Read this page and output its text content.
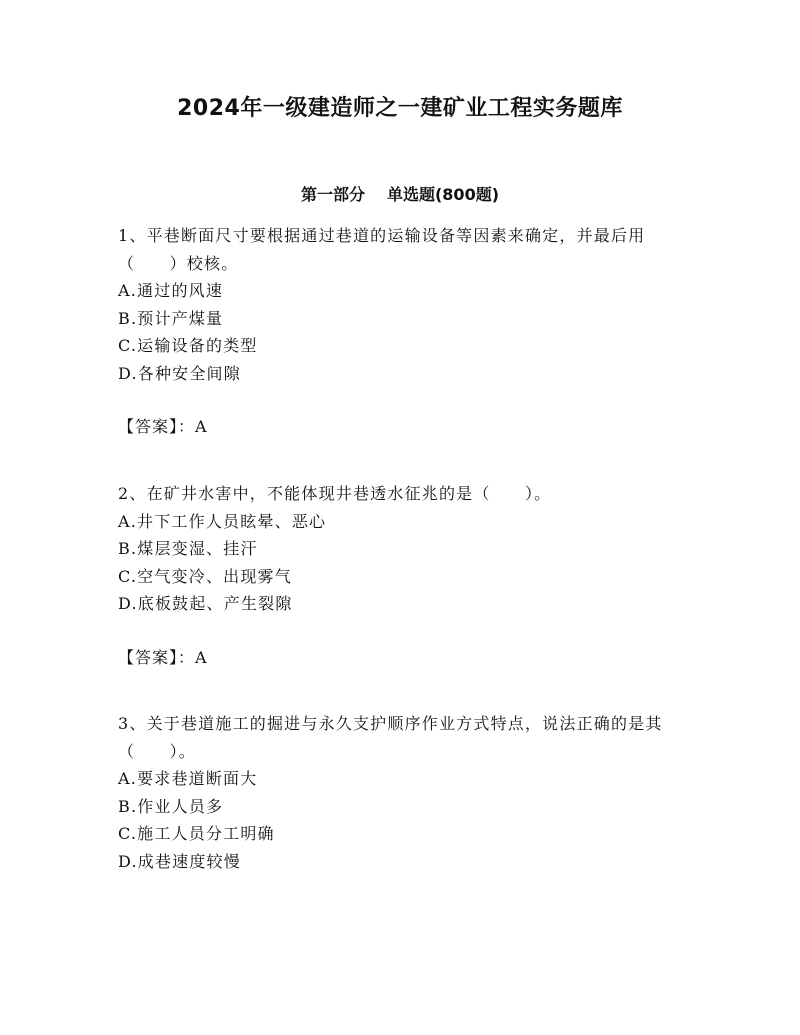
2024年一级建造师之一建矿业工程实务题库
第一部分 单选题(800题)

1、平巷断面尺寸要根据通过巷道的运输设备等因素来确定，并最后用（　　）校核。

A.通过的风速

B.预计产煤量

C.运输设备的类型

D.各种安全间隙

【答案】：A

2、在矿井水害中，不能体现井巷透水征兆的是（　　）。

A.井下工作人员眩晕、恶心

B.煤层变湿、挂汗

C.空气变冷、出现雾气

D.底板鼓起、产生裂隙

【答案】：A

3、关于巷道施工的掘进与永久支护顺序作业方式特点，说法正确的是其（　　）。

A.要求巷道断面大

B.作业人员多

C.施工人员分工明确

D.成巷速度较慢
